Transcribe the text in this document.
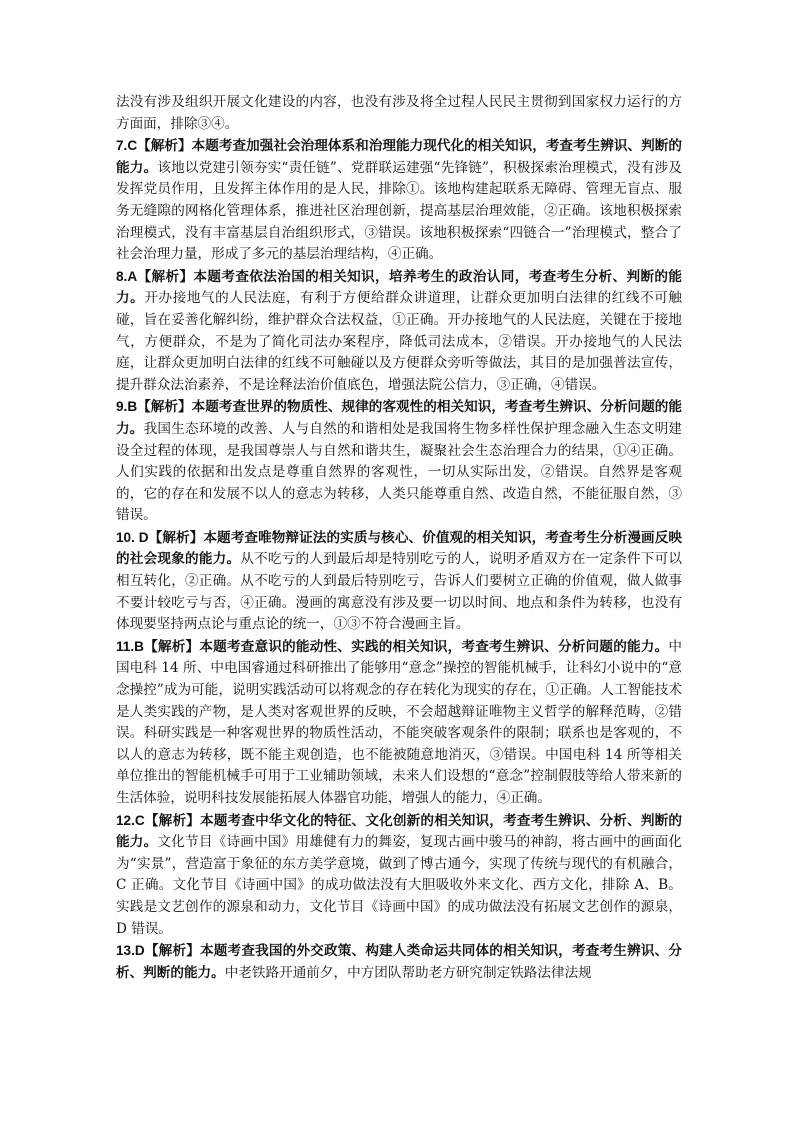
法没有涉及组织开展文化建设的内容，也没有涉及将全过程人民民主贯彻到国家权力运行的方方面面，排除③④。

7.C【解析】本题考查加强社会治理体系和治理能力现代化的相关知识，考查考生辨识、判断的能力。该地以党建引领夯实“责任链”、党群联运建强“先锋链”，积极探索治理模式，没有涉及发挥党员作用，且发挥主体作用的是人民，排除①。该地构建起联系无障碍、管理无盲点、服务无缝隙的网格化管理体系，推进社区治理创新，提高基层治理效能，②正确。该地积极探索治理模式，没有丰富基层自治组织形式，③错误。该地积极探索“四链合一”治理模式，整合了社会治理力量，形成了多元的基层治理结构，④正确。

8.A【解析】本题考查依法治国的相关知识，培养考生的政治认同，考查考生分析、判断的能力。开办接地气的人民法庭，有利于方便给群众讲道理，让群众更加明白法律的红线不可触碰，旨在妥善化解纠纷，维护群众合法权益，①正确。开办接地气的人民法庭，关键在于接地气，方便群众，不是为了简化司法办案程序，降低司法成本，②错误。开办接地气的人民法庭，让群众更加明白法律的红线不可触碰以及方便群众旁听等做法，其目的是加强普法宣传，提升群众法治素养，不是诠释法治价值底色，增强法院公信力，③正确，④错误。

9.B【解析】本题考查世界的物质性、规律的客观性的相关知识，考查考生辨识、分析问题的能力。我国生态环境的改善、人与自然的和谐相处是我国将生物多样性保护理念融入生态文明建设全过程的体现，是我国尊崇人与自然和谐共生，凝聚社会生态治理合力的结果，①④正确。人们实践的依据和出发点是尊重自然界的客观性，一切从实际出发，②错误。自然界是客观的，它的存在和发展不以人的意志为转移，人类只能尊重自然、改造自然，不能征服自然，③错误。

10. D【解析】本题考查唯物辩证法的实质与核心、价值观的相关知识，考查考生分析漫画反映的社会现象的能力。从不吃亏的人到最后却是特别吃亏的人，说明矛盾双方在一定条件下可以相互转化，②正确。从不吃亏的人到最后特别吃亏，告诉人们要树立正确的价值观，做人做事不要计较吃亏与否，④正确。漫画的寓意没有涉及要一切以时间、地点和条件为转移，也没有体现要坚持两点论与重点论的统一，①③不符合漫画主旨。

11.B【解析】本题考查意识的能动性、实践的相关知识，考查考生辨识、分析问题的能力。中国电科 14 所、中电国睿通过科研推出了能够用“意念”操控的智能机械手，让科幻小说中的“意念操控”成为可能，说明实践活动可以将观念的存在转化为现实的存在，①正确。人工智能技术是人类实践的产物，是人类对客观世界的反映，不会超越辩证唯物主义哲学的解释范畴，②错误。科研实践是一种客观世界的物质性活动，不能突破客观条件的限制；联系也是客观的，不以人的意志为转移，既不能主观创造，也不能被随意地消灭，③错误。中国电科 14 所等相关单位推出的智能机械手可用于工业辅助领域，未来人们设想的“意念”控制假肢等给人带来新的生活体验，说明科技发展能拓展人体器官功能，增强人的能力，④正确。

12.C【解析】本题考查中华文化的特征、文化创新的相关知识，考查考生辨识、分析、判断的能力。文化节目《诗画中国》用雄健有力的舞姿，复现古画中骏马的神韵，将古画中的画面化为“实景”，营造富于象征的东方美学意境，做到了博古通今，实现了传统与现代的有机融合，C 正确。文化节目《诗画中国》的成功做法没有大胆吸收外来文化、西方文化，排除 A、B。实践是文艺创作的源泉和动力，文化节目《诗画中国》的成功做法没有拓展文艺创作的源泉，D 错误。

13.D【解析】本题考查我国的外交政策、构建人类命运共同体的相关知识，考查考生辨识、分析、判断的能力。中老铁路开通前夕，中方团队帮助老方研究制定铁路法律法规
